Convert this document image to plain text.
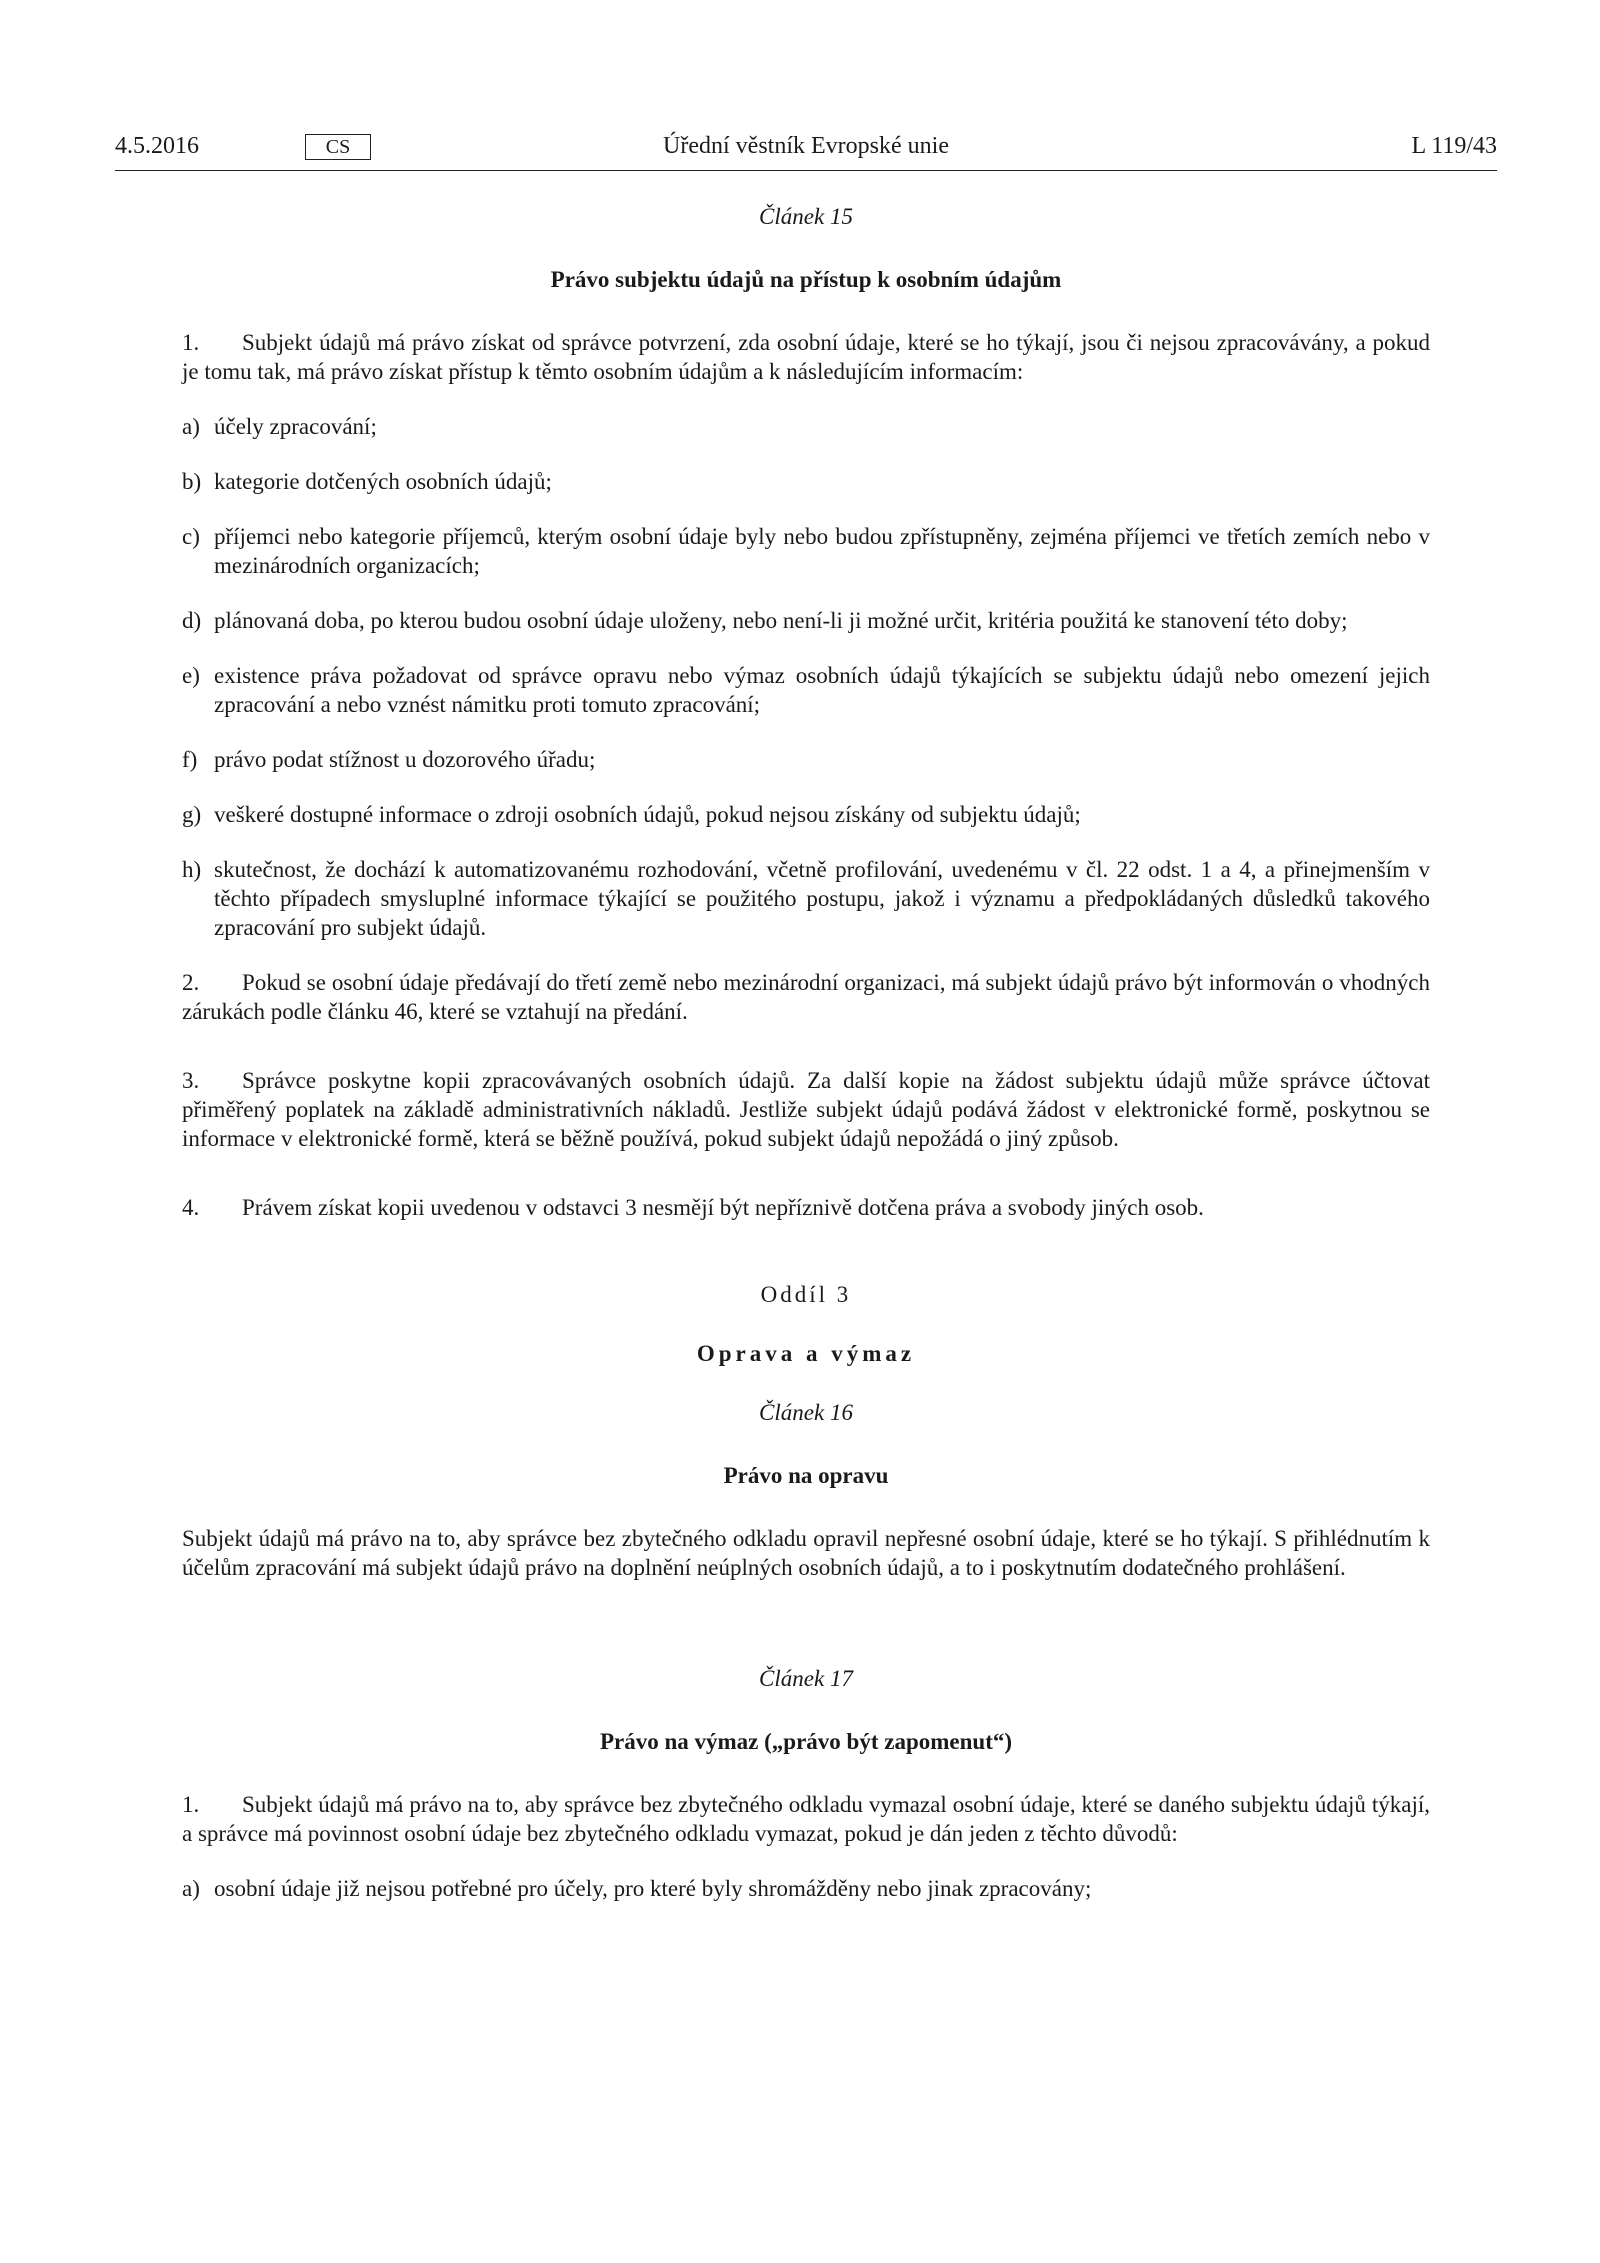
4.5.2016	CS	Úřední věstník Evropské unie	L 119/43

Článek 15

Právo subjektu údajů na přístup k osobním údajům

1. Subjekt údajů má právo získat od správce potvrzení, zda osobní údaje, které se ho týkají, jsou či nejsou zpracovávány, a pokud je tomu tak, má právo získat přístup k těmto osobním údajům a k následujícím informacím:

a) účely zpracování;
b) kategorie dotčených osobních údajů;
c) příjemci nebo kategorie příjemců, kterým osobní údaje byly nebo budou zpřístupněny, zejména příjemci ve třetích zemích nebo v mezinárodních organizacích;
d) plánovaná doba, po kterou budou osobní údaje uloženy, nebo není-li ji možné určit, kritéria použitá ke stanovení této doby;
e) existence práva požadovat od správce opravu nebo výmaz osobních údajů týkajících se subjektu údajů nebo omezení jejich zpracování a nebo vznést námitku proti tomuto zpracování;
f) právo podat stížnost u dozorového úřadu;
g) veškeré dostupné informace o zdroji osobních údajů, pokud nejsou získány od subjektu údajů;
h) skutečnost, že dochází k automatizovanému rozhodování, včetně profilování, uvedenému v čl. 22 odst. 1 a 4, a přinejmenším v těchto případech smysluplné informace týkající se použitého postupu, jakož i významu a předpokládaných důsledků takového zpracování pro subjekt údajů.

2. Pokud se osobní údaje předávají do třetí země nebo mezinárodní organizaci, má subjekt údajů právo být informován o vhodných zárukách podle článku 46, které se vztahují na předání.

3. Správce poskytne kopii zpracovávaných osobních údajů. Za další kopie na žádost subjektu údajů může správce účtovat přiměřený poplatek na základě administrativních nákladů. Jestliže subjekt údajů podává žádost v elektronické formě, poskytnou se informace v elektronické formě, která se běžně používá, pokud subjekt údajů nepožádá o jiný způsob.

4. Právem získat kopii uvedenou v odstavci 3 nesmějí být nepříznivě dotčena práva a svobody jiných osob.

Oddíl 3

Oprava a výmaz

Článek 16

Právo na opravu

Subjekt údajů má právo na to, aby správce bez zbytečného odkladu opravil nepřesné osobní údaje, které se ho týkají. S přihlédnutím k účelům zpracování má subjekt údajů právo na doplnění neúplných osobních údajů, a to i poskytnutím dodatečného prohlášení.

Článek 17

Právo na výmaz („právo být zapomenut“)

1. Subjekt údajů má právo na to, aby správce bez zbytečného odkladu vymazal osobní údaje, které se daného subjektu údajů týkají, a správce má povinnost osobní údaje bez zbytečného odkladu vymazat, pokud je dán jeden z těchto důvodů:

a) osobní údaje již nejsou potřebné pro účely, pro které byly shromážděny nebo jinak zpracovány;
